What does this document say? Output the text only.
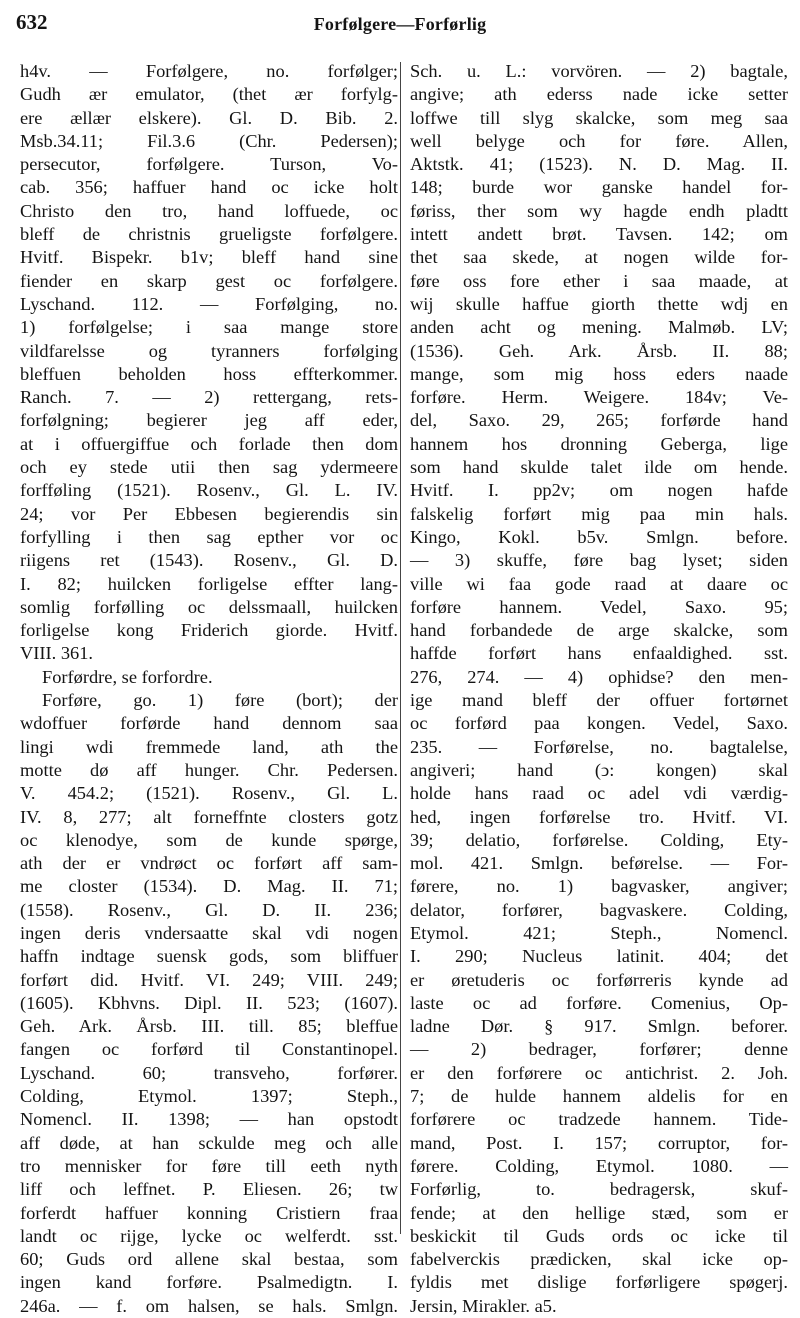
632	Forfølgere—Forførlig
h4v. — Forfølgere, no. forfølger;
Gudh ær emulator, (thet ær forfylg-
ere ællær elskere). Gl. D. Bib. 2.
Msb.34.11; Fil.3.6 (Chr. Pedersen);
persecutor, forfølgere. Turson, Vo-
cab. 356; haffuer hand oc icke holt
Christo den tro, hand loffuede, oc
bleff de christnis grueligste forfølgere.
Hvitf. Bispekr. b1v; bleff hand sine
fiender en skarp gest oc forfølgere.
Lyschand. 112. — Forfølging, no.
1) forfølgelse; i saa mange store
vildfarelsse og tyranners forfølging
bleffuen beholden hoss effterkommer.
Ranch. 7. — 2) rettergang, rets-
forfølgning; begierer jeg aff eder,
at i offuergiffue och forlade then dom
och ey stede utii then sag ydermeere
forfføling (1521). Rosenv., Gl. L. IV.
24; vor Per Ebbesen begierendis sin
forfylling i then sag epther vor oc
riigens ret (1543). Rosenv., Gl. D.
I. 82; huilcken forligelse effter lang-
somlig forfølling oc delssmaall, huilcken
forligelse kong Friderich giorde. Hvitf.
VIII. 361.
Forførdre, se forfordre.
Forføre, go. 1) føre (bort); der
wdoffuer forførde hand dennom saa
lingi wdi fremmede land, ath the
motte dø aff hunger. Chr. Pedersen.
V. 454.2; (1521). Rosenv., Gl. L.
IV. 8, 277; alt forneffnte closters gotz
oc klenodye, som de kunde spørge,
ath der er vndrøct oc forført aff sam-
me closter (1534). D. Mag. II. 71;
(1558). Rosenv., Gl. D. II. 236;
ingen deris vndersaatte skal vdi nogen
haffn indtage suensk gods, som bliffuer
forført did. Hvitf. VI. 249; VIII. 249;
(1605). Kbhvns. Dipl. II. 523; (1607).
Geh. Ark. Årsb. III. till. 85; bleffue
fangen oc forførd til Constantinopel.
Lyschand. 60; transveho, forfører.
Colding, Etymol. 1397; Steph.,
Nomencl. II. 1398; — han opstodt
aff døde, at han sckulde meg och alle
tro mennisker for føre till eeth nyth
liff och leffnet. P. Eliesen. 26; tw
forferdt haffuer konning Cristiern fraa
landt oc rijge, lycke oc welferdt. sst.
60; Guds ord allene skal bestaa, som
ingen kand forføre. Psalmedigtn. I.
246a. — f. om halsen, se hals. Smlgn.
Sch. u. L.: vorvören. — 2) bagtale,
angive; ath ederss nade icke setter
loffwe till slyg skalcke, som meg saa
well belyge och for føre. Allen,
Aktstk. 41; (1523). N. D. Mag. II.
148; burde wor ganske handel for-
føriss, ther som wy hagde endh pladtt
intett andett brøt. Tavsen. 142; om
thet saa skede, at nogen wilde for-
føre oss fore ether i saa maade, at
wij skulle haffue giorth thette wdj en
anden acht og mening. Malmøb. LV;
(1536). Geh. Ark. Årsb. II. 88;
mange, som mig hoss eders naade
forføre. Herm. Weigere. 184v; Ve-
del, Saxo. 29, 265; forførde hand
hannem hos dronning Geberga, lige
som hand skulde talet ilde om hende.
Hvitf. I. pp2v; om nogen hafde
falskelig forført mig paa min hals.
Kingo, Kokl. b5v. Smlgn. before.
— 3) skuffe, føre bag lyset; siden
ville wi faa gode raad at daare oc
forføre hannem. Vedel, Saxo. 95;
hand forbandede de arge skalcke, som
haffde forført hans enfaaldighed. sst.
276, 274. — 4) ophidse? den men-
ige mand bleff der offuer fortørnet
oc forførd paa kongen. Vedel, Saxo.
235. — Forførelse, no. bagtalelse,
angiveri; hand (ↄ: kongen) skal
holde hans raad oc adel vdi værdig-
hed, ingen forførelse tro. Hvitf. VI.
39; delatio, forførelse. Colding, Ety-
mol. 421. Smlgn. beførelse. — For-
førere, no. 1) bagvasker, angiver;
delator, forfører, bagvaskere. Colding,
Etymol. 421; Steph., Nomencl.
I. 290; Nucleus latinit. 404; det
er øretuderis oc forførreris kynde ad
laste oc ad forføre. Comenius, Op-
ladne Dør. § 917. Smlgn. beforer.
— 2) bedrager, forfører; denne
er den forførere oc antichrist. 2. Joh.
7; de hulde hannem aldelis for en
forførere oc tradzede hannem. Tide-
mand, Post. I. 157; corruptor, for-
førere. Colding, Etymol. 1080. —
Forførlig, to. bedragersk, skuf-
fende; at den hellige stæd, som er
beskickit til Guds ords oc icke til
fabelverckis prædicken, skal icke op-
fyldis met dislige forførligere spøgerj.
Jersin, Mirakler. a5.
